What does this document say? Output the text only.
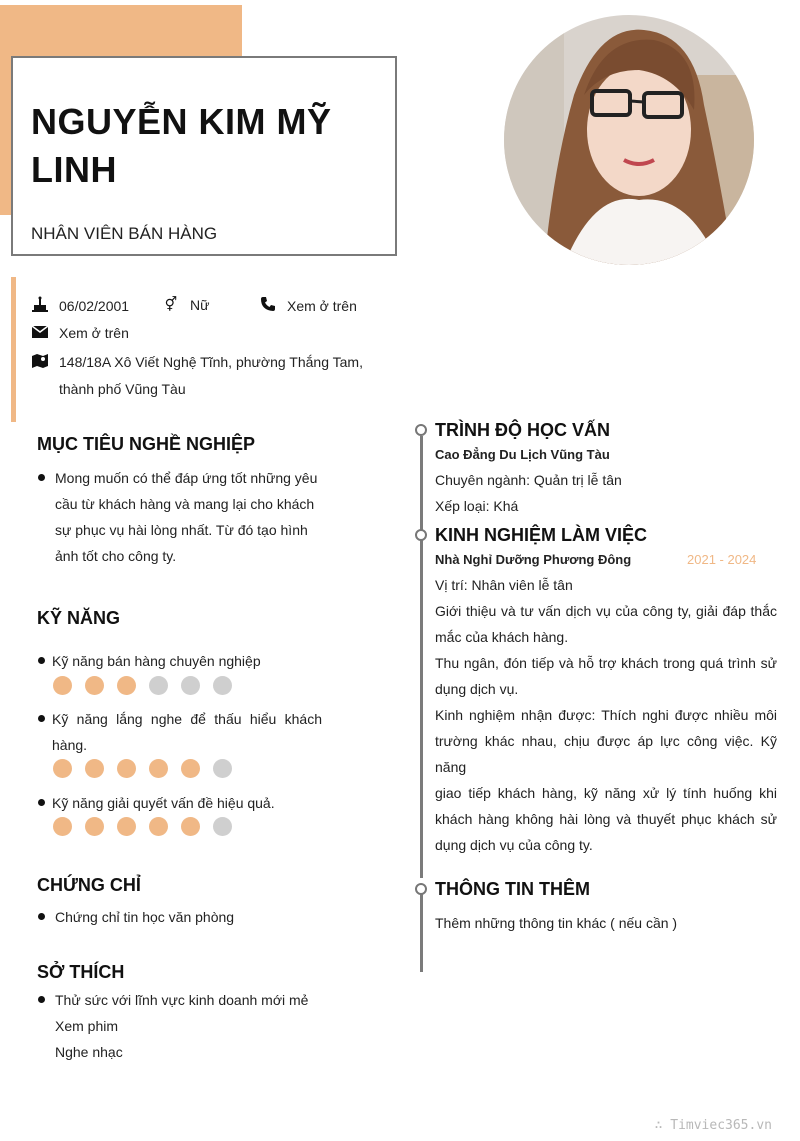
NGUYỄN KIM MỸ LINH
NHÂN VIÊN BÁN HÀNG
06/02/2001	⚥ Nữ	Xem ở trên
Xem ở trên
148/18A Xô Viết Nghệ Tĩnh, phường Thắng Tam,
thành phố Vũng Tàu
MỤC TIÊU NGHỀ NGHIỆP
Mong muốn có thể đáp ứng tốt những yêu
cầu từ khách hàng và mang lại cho khách
sự phục vụ hài lòng nhất. Từ đó tạo hình
ảnh tốt cho công ty.
KỸ NĂNG
Kỹ năng bán hàng chuyên nghiệp
Kỹ năng lắng nghe để thấu hiểu khách
hàng.
Kỹ năng giải quyết vấn đề hiệu quả.
CHỨNG CHỈ
Chứng chỉ tin học văn phòng
SỞ THÍCH
Thử sức với lĩnh vực kinh doanh mới mẻ
Xem phim
Nghe nhạc
TRÌNH ĐỘ HỌC VẤN
Cao Đẳng Du Lịch Vũng Tàu
Chuyên ngành: Quản trị lễ tân
Xếp loại: Khá
KINH NGHIỆM LÀM VIỆC
Nhà Nghỉ Dưỡng Phương Đông	2021 - 2024
Vị trí: Nhân viên lễ tân
Giới thiệu và tư vấn dịch vụ của công ty, giải đáp thắc
mắc của khách hàng.
Thu ngân, đón tiếp và hỗ trợ khách trong quá trình sử
dụng dịch vụ.
Kinh nghiệm nhận được: Thích nghi được nhiều môi
trường khác nhau, chịu được áp lực công việc. Kỹ năng
giao tiếp khách hàng, kỹ năng xử lý tính huống khi
khách hàng không hài lòng và thuyết phục khách sử
dụng dịch vụ của công ty.
THÔNG TIN THÊM
Thêm những thông tin khác ( nếu cần )
∴ Timviec365.vn
